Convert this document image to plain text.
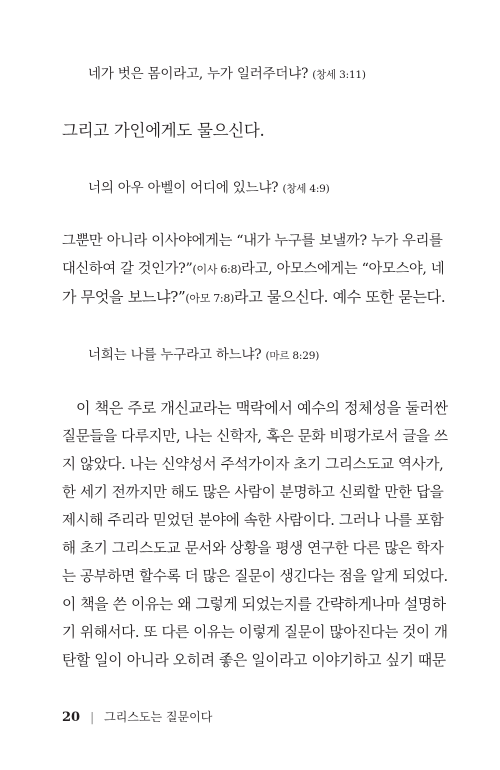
네가 벗은 몸이라고, 누가 일러주더냐? (창세 3:11)
그리고 가인에게도 물으신다.
너의 아우 아벨이 어디에 있느냐? (창세 4:9)
그뿐만 아니라 이사야에게는 “내가 누구를 보낼까? 누가 우리를
대신하여 갈 것인가?”(이사 6:8)라고, 아모스에게는 “아모스야, 네
가 무엇을 보느냐?”(아모 7:8)라고 물으신다. 예수 또한 묻는다.
너희는 나를 누구라고 하느냐? (마르 8:29)
이 책은 주로 개신교라는 맥락에서 예수의 정체성을 둘러싼
질문들을 다루지만, 나는 신학자, 혹은 문화 비평가로서 글을 쓰
지 않았다. 나는 신약성서 주석가이자 초기 그리스도교 역사가,
한 세기 전까지만 해도 많은 사람이 분명하고 신뢰할 만한 답을
제시해 주리라 믿었던 분야에 속한 사람이다. 그러나 나를 포함
해 초기 그리스도교 문서와 상황을 평생 연구한 다른 많은 학자
는 공부하면 할수록 더 많은 질문이 생긴다는 점을 알게 되었다.
이 책을 쓴 이유는 왜 그렇게 되었는지를 간략하게나마 설명하
기 위해서다. 또 다른 이유는 이렇게 질문이 많아진다는 것이 개
탄할 일이 아니라 오히려 좋은 일이라고 이야기하고 싶기 때문
20 | 그리스도는 질문이다
